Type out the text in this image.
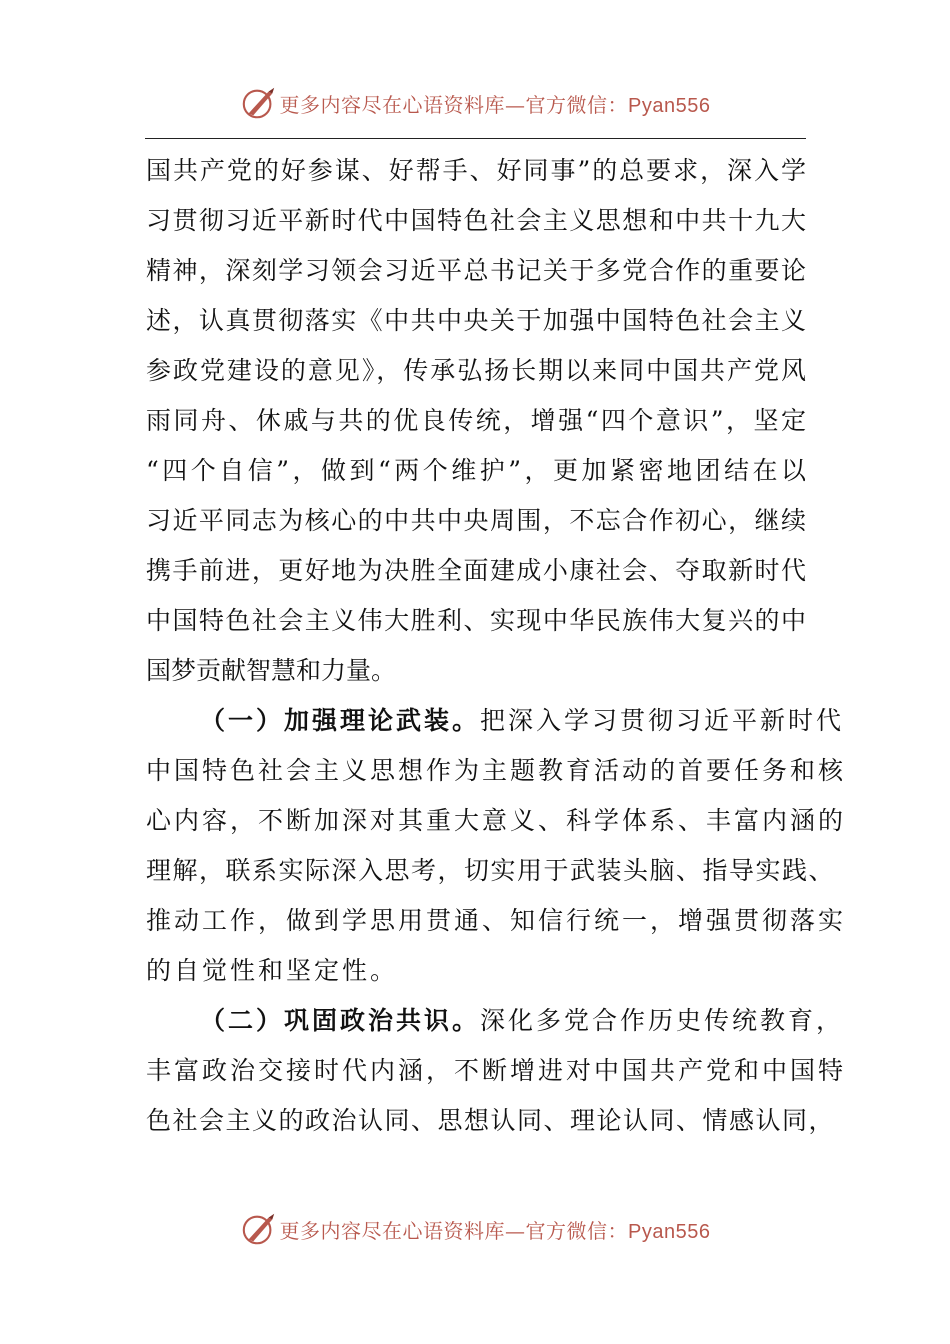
更多内容尽在心语资料库—官方微信：Pyan556
国共产党的好参谋、好帮手、好同事”的总要求，深入学
习贯彻习近平新时代中国特色社会主义思想和中共十九大
精神，深刻学习领会习近平总书记关于多党合作的重要论
述，认真贯彻落实《中共中央关于加强中国特色社会主义
参政党建设的意见》，传承弘扬长期以来同中国共产党风
雨同舟、休戚与共的优良传统，增强“四个意识”，坚定
“四个自信”，做到“两个维护”，更加紧密地团结在以
习近平同志为核心的中共中央周围，不忘合作初心，继续
携手前进，更好地为决胜全面建成小康社会、夺取新时代
中国特色社会主义伟大胜利、实现中华民族伟大复兴的中
国梦贡献智慧和力量。
（一）加强理论武装。把深入学习贯彻习近平新时代
中国特色社会主义思想作为主题教育活动的首要任务和核
心内容，不断加深对其重大意义、科学体系、丰富内涵的
理解，联系实际深入思考，切实用于武装头脑、指导实践、
推动工作，做到学思用贯通、知信行统一，增强贯彻落实
的自觉性和坚定性。
（二）巩固政治共识。深化多党合作历史传统教育，
丰富政治交接时代内涵，不断增进对中国共产党和中国特
色社会主义的政治认同、思想认同、理论认同、情感认同，
更多内容尽在心语资料库—官方微信：Pyan556
